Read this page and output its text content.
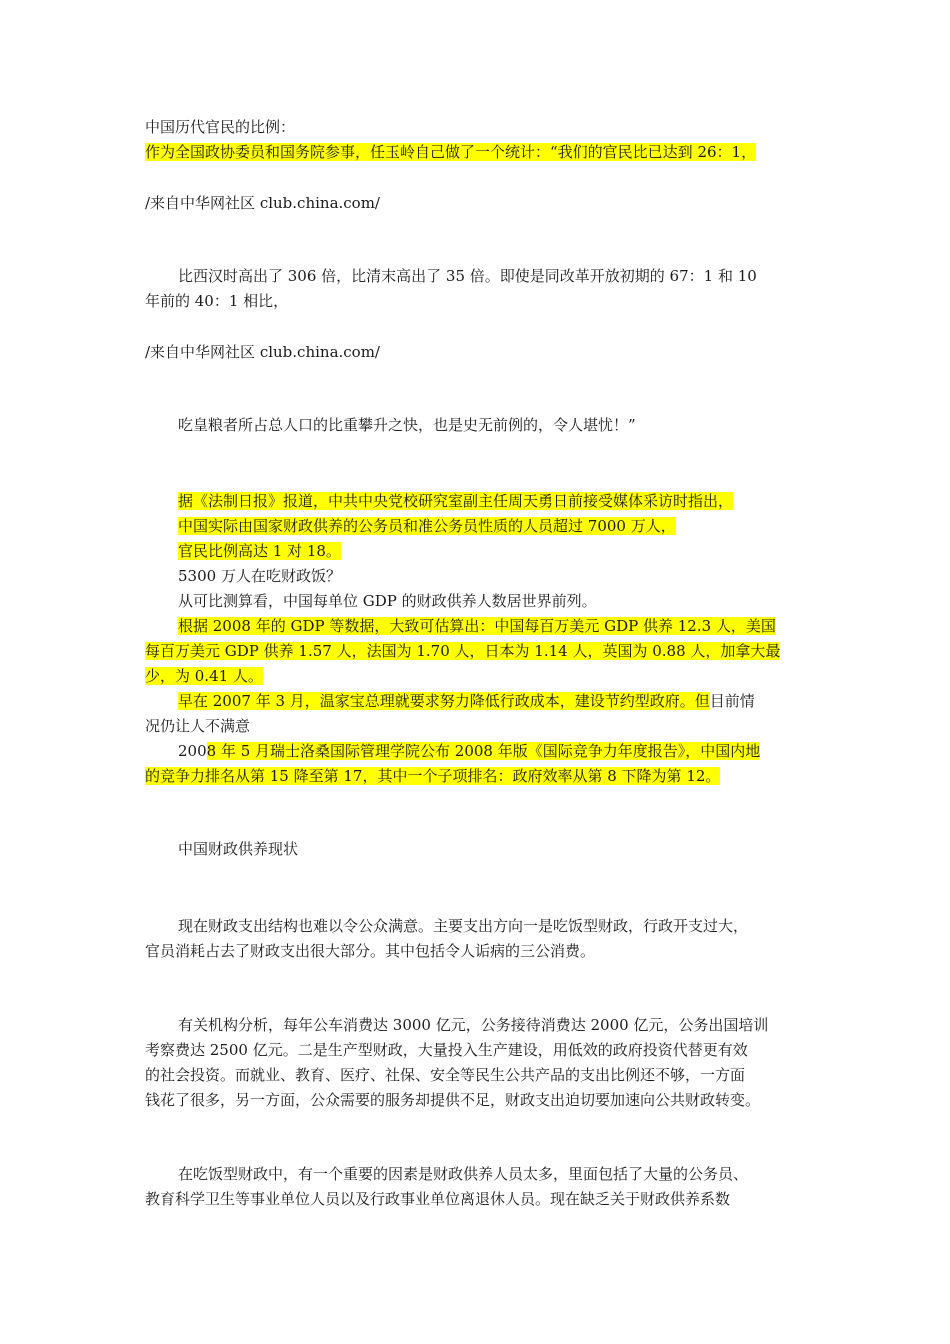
中国历代官民的比例：
作为全国政协委员和国务院参事，任玉岭自己做了一个统计：“我们的官民比已达到 26：1，
/来自中华网社区 club.china.com/
比西汉时高出了 306 倍，比清末高出了 35 倍。即使是同改革开放初期的 67：1 和 10
年前的 40：1 相比，
/来自中华网社区 club.china.com/
吃皇粮者所占总人口的比重攀升之快，也是史无前例的，令人堪忧！”
据《法制日报》报道，中共中央党校研究室副主任周天勇日前接受媒体采访时指出，
中国实际由国家财政供养的公务员和准公务员性质的人员超过 7000 万人，
官民比例高达 1 对 18。
5300 万人在吃财政饭？
从可比测算看，中国每单位 GDP 的财政供养人数居世界前列。
根据 2008 年的 GDP 等数据，大致可估算出：中国每百万美元 GDP 供养 12.3 人，美国
每百万美元 GDP 供养 1.57 人，法国为 1.70 人，日本为 1.14 人，英国为 0.88 人，加拿大最
少，为 0.41 人。
早在 2007 年 3 月，温家宝总理就要求努力降低行政成本，建设节约型政府。但目前情
况仍让人不满意
2008 年 5 月瑞士洛桑国际管理学院公布 2008 年版《国际竞争力年度报告》，中国内地
的竞争力排名从第 15 降至第 17，其中一个子项排名：政府效率从第 8 下降为第 12。
中国财政供养现状
现在财政支出结构也难以令公众满意。主要支出方向一是吃饭型财政，行政开支过大，
官员消耗占去了财政支出很大部分。其中包括令人诟病的三公消费。
有关机构分析，每年公车消费达 3000 亿元，公务接待消费达 2000 亿元，公务出国培训
考察费达 2500 亿元。二是生产型财政，大量投入生产建设，用低效的政府投资代替更有效
的社会投资。而就业、教育、医疗、社保、安全等民生公共产品的支出比例还不够，一方面
钱花了很多，另一方面，公众需要的服务却提供不足，财政支出迫切要加速向公共财政转变。
在吃饭型财政中，有一个重要的因素是财政供养人员太多，里面包括了大量的公务员、
教育科学卫生等事业单位人员以及行政事业单位离退休人员。现在缺乏关于财政供养系数
